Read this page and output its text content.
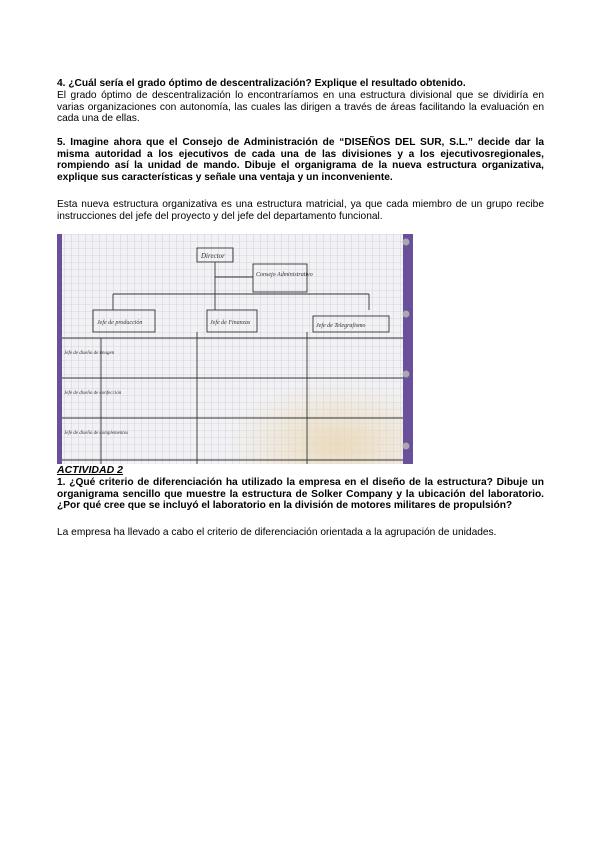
4. ¿Cuál sería el grado óptimo de descentralización? Explique el resultado obtenido.

El grado óptimo de descentralización lo encontraríamos en una estructura divisional que se dividiría en varias organizaciones con autonomía, las cuales las dirigen a través de áreas facilitando la evaluación en cada una de ellas.

5. Imagine ahora que el Consejo de Administración de “DISEÑOS DEL SUR, S.L.” decide dar la misma autoridad a los ejecutivos de cada una de las divisiones y a los ejecutivosregionales, rompiendo así la unidad de mando. Dibuje el organigrama de la nueva estructura organizativa, explique sus características y señale una ventaja y un inconveniente.

Esta nueva estructura organizativa es una estructura matricial, ya que cada miembro de un grupo recibe instrucciones del jefe del proyecto y del jefe del departamento funcional.

Director
Consejo Administrativo
Jefe de producción	Jefe de Finanzas	Jefe de Telegrafismo
Jefe de diseño de imagen
Jefe de diseño de confección
Jefe de diseño de complementos

ACTIVIDAD 2

1. ¿Qué criterio de diferenciación ha utilizado la empresa en el diseño de la estructura? Dibuje un organigrama sencillo que muestre la estructura de Solker Company y la ubicación del laboratorio. ¿Por qué cree que se incluyó el laboratorio en la división de motores militares de propulsión?

La empresa ha llevado a cabo el criterio de diferenciación orientada a la agrupación de unidades.
